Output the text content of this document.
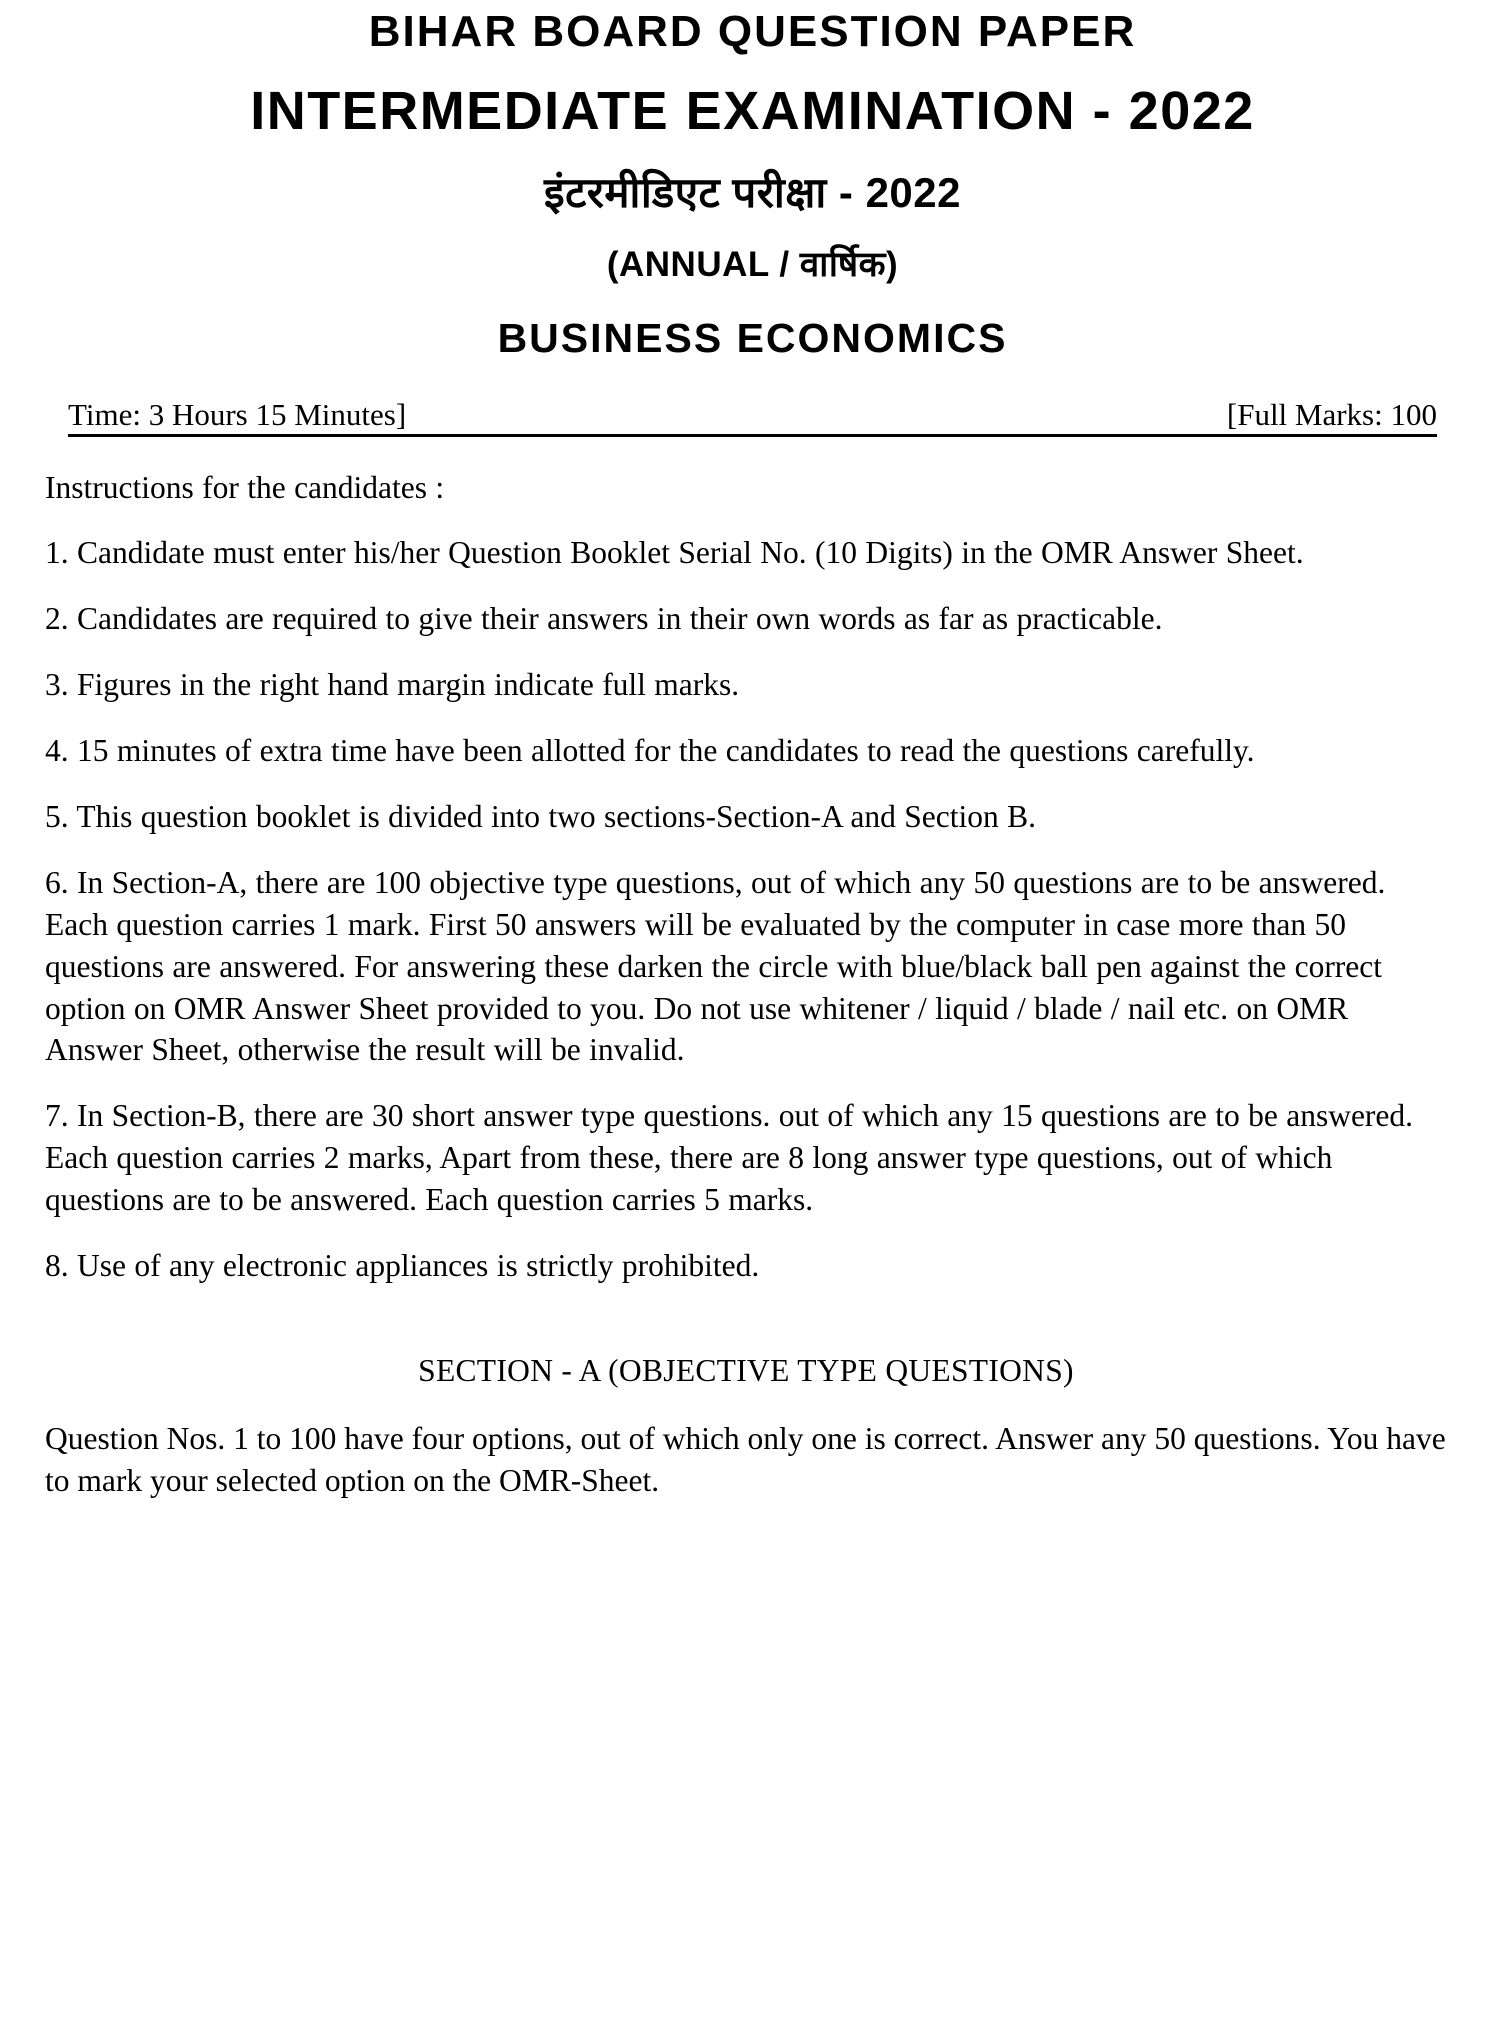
BIHAR BOARD QUESTION PAPER
INTERMEDIATE EXAMINATION - 2022
इंटरमीडिएट परीक्षा - 2022
(ANNUAL / वार्षिक)
BUSINESS ECONOMICS
Time: 3 Hours 15 Minutes]	[Full Marks: 100

Instructions for the candidates :

1. Candidate must enter his/her Question Booklet Serial No. (10 Digits) in the OMR Answer Sheet.

2. Candidates are required to give their answers in their own words as far as practicable.

3. Figures in the right hand margin indicate full marks.

4. 15 minutes of extra time have been allotted for the candidates to read the questions carefully.

5. This question booklet is divided into two sections-Section-A and Section B.

6. In Section-A, there are 100 objective type questions, out of which any 50 questions are to be answered. Each question carries 1 mark. First 50 answers will be evaluated by the computer in case more than 50 questions are answered. For answering these darken the circle with blue/black ball pen against the correct option on OMR Answer Sheet provided to you. Do not use whitener / liquid / blade / nail etc. on OMR Answer Sheet, otherwise the result will be invalid.

7. In Section-B, there are 30 short answer type questions. out of which any 15 questions are to be answered. Each question carries 2 marks, Apart from these, there are 8 long answer type questions, out of which questions are to be answered. Each question carries 5 marks.

8. Use of any electronic appliances is strictly prohibited.

SECTION - A (OBJECTIVE TYPE QUESTIONS)

Question Nos. 1 to 100 have four options, out of which only one is correct. Answer any 50 questions. You have to mark your selected option on the OMR-Sheet.
